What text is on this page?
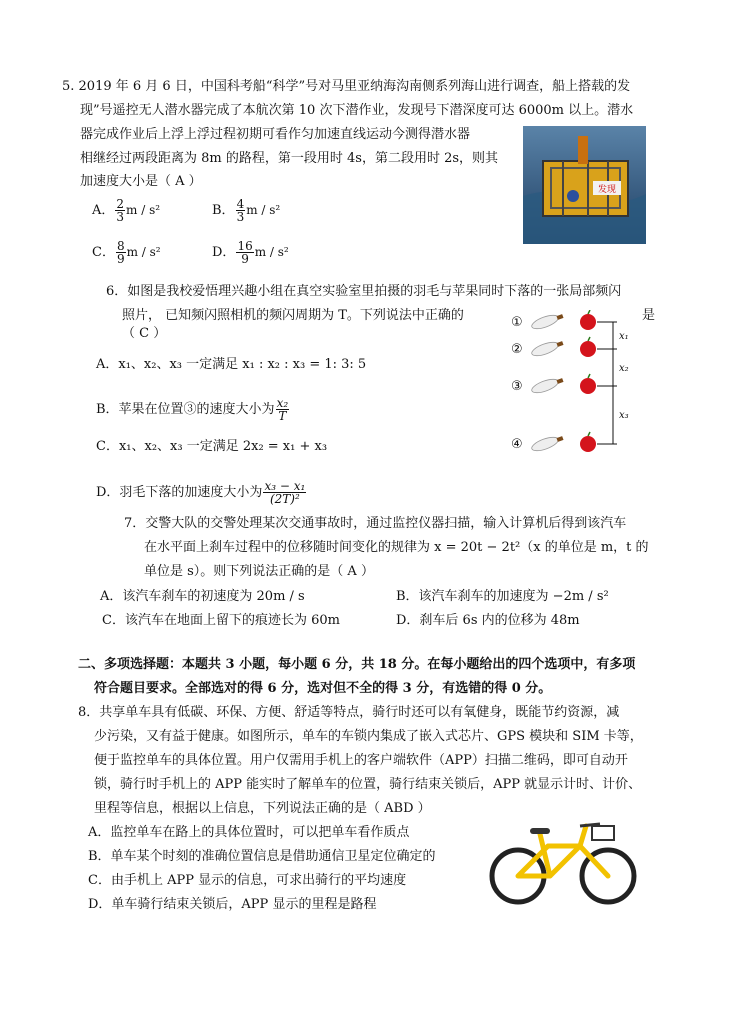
5. 2019 年 6 月 6 日，中国科考船“科学”号对马里亚纳海沟南侧系列海山进行调查，船上搭载的发
现”号遥控无人潜水器完成了本航次第 10 次下潜作业，发现号下潜深度可达 6000m 以上。潜水
器完成作业后上浮上浮过程初期可看作匀加速直线运动今测得潜水器
相继经过两段距离为 8m 的路程，第一段用时 4s，第二段用时 2s，则其
加速度大小是（ A ）
A． $\frac{2}{3}$ m / s²	B． $\frac{4}{3}$ m / s²
C． $\frac{8}{9}$ m / s²	D． $\frac{16}{9}$ m / s²
发现
6．如图是我校爱悟理兴趣小组在真空实验室里拍摄的羽毛与苹果同时下落的一张局部频闪
照片， 已知频闪照相机的频闪周期为 T。下列说法中正确的	是
（ C ）
A．x₁、x₂、x₃ 一定满足 x₁ : x₂ : x₃ = 1: 3: 5
B．苹果在位置③的速度大小为 $\frac{\text{x₂}}{T}$
C．x₁、x₂、x₃ 一定满足 2x₂ = x₁ + x₃
D．羽毛下落的加速度大小为 $\frac{\text{x₃ − x₁}}{\text{(2T)²}}$
①
②
③
④
x₁
x₂
x₃
7．交警大队的交警处理某次交通事故时，通过监控仪器扫描，输入计算机后得到该汽车
在水平面上刹车过程中的位移随时间变化的规律为 x = 20t − 2t²（x 的单位是 m，t 的
单位是 s）。则下列说法正确的是（ A ）
A．该汽车刹车的初速度为 20m / s	B．该汽车刹车的加速度为 −2m / s²
C．该汽车在地面上留下的痕迹长为 60m	D．刹车后 6s 内的位移为 48m
二、多项选择题：本题共 3 小题，每小题 6 分，共 18 分。在每小题给出的四个选项中，有多项
符合题目要求。全部选对的得 6 分，选对但不全的得 3 分，有选错的得 0 分。
8．共享单车具有低碳、环保、方便、舒适等特点，骑行时还可以有氧健身，既能节约资源，减
少污染，又有益于健康。如图所示，单车的车锁内集成了嵌入式芯片、GPS 模块和 SIM 卡等，
便于监控单车的具体位置。用户仅需用手机上的客户端软件（APP）扫描二维码，即可自动开
锁，骑行时手机上的 APP 能实时了解单车的位置，骑行结束关锁后，APP 就显示计时、计价、
里程等信息，根据以上信息，下列说法正确的是（ ABD ）
A．监控单车在路上的具体位置时，可以把单车看作质点
B．单车某个时刻的准确位置信息是借助通信卫星定位确定的
C．由手机上 APP 显示的信息，可求出骑行的平均速度
D．单车骑行结束关锁后，APP 显示的里程是路程
